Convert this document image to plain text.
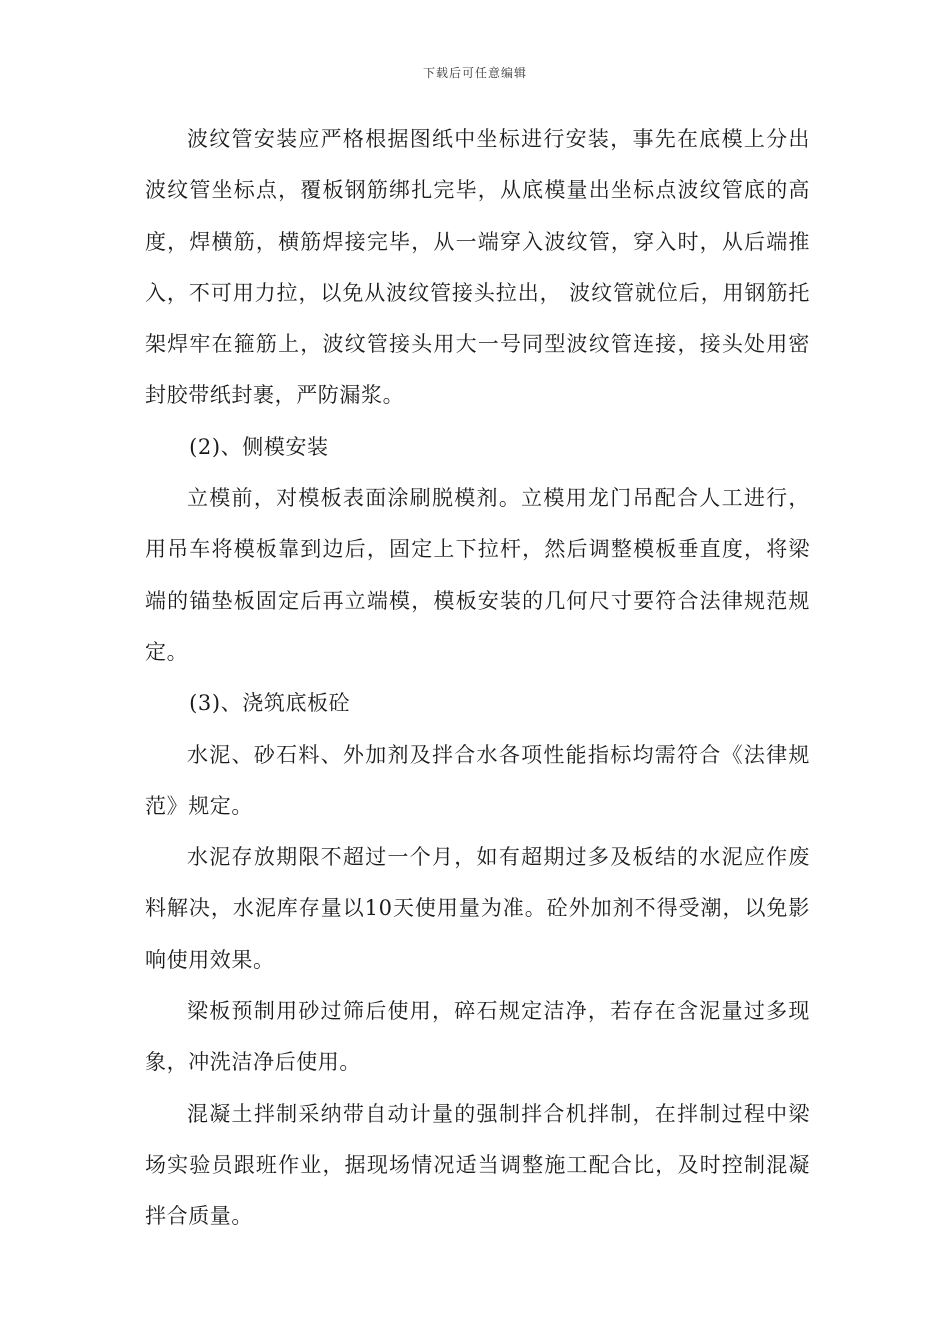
下载后可任意编辑

波纹管安装应严格根据图纸中坐标进行安装，事先在底模上分出波纹管坐标点，覆板钢筋绑扎完毕，从底模量出坐标点波纹管底的高度，焊横筋，横筋焊接完毕，从一端穿入波纹管，穿入时，从后端推入，不可用力拉，以免从波纹管接头拉出， 波纹管就位后，用钢筋托架焊牢在箍筋上，波纹管接头用大一号同型波纹管连接，接头处用密封胶带纸封裹，严防漏浆。

(2)、侧模安装

立模前，对模板表面涂刷脱模剂。立模用龙门吊配合人工进行，用吊车将模板靠到边后，固定上下拉杆，然后调整模板垂直度，将梁端的锚垫板固定后再立端模，模板安装的几何尺寸要符合法律规范规定。

(3)、浇筑底板砼

水泥、砂石料、外加剂及拌合水各项性能指标均需符合《法律规范》规定。

水泥存放期限不超过一个月，如有超期过多及板结的水泥应作废料解决，水泥库存量以10天使用量为准。砼外加剂不得受潮，以免影响使用效果。

梁板预制用砂过筛后使用，碎石规定洁净，若存在含泥量过多现象，冲洗洁净后使用。

混凝土拌制采纳带自动计量的强制拌合机拌制，在拌制过程中梁场实验员跟班作业，据现场情况适当调整施工配合比，及时控制混凝拌合质量。
